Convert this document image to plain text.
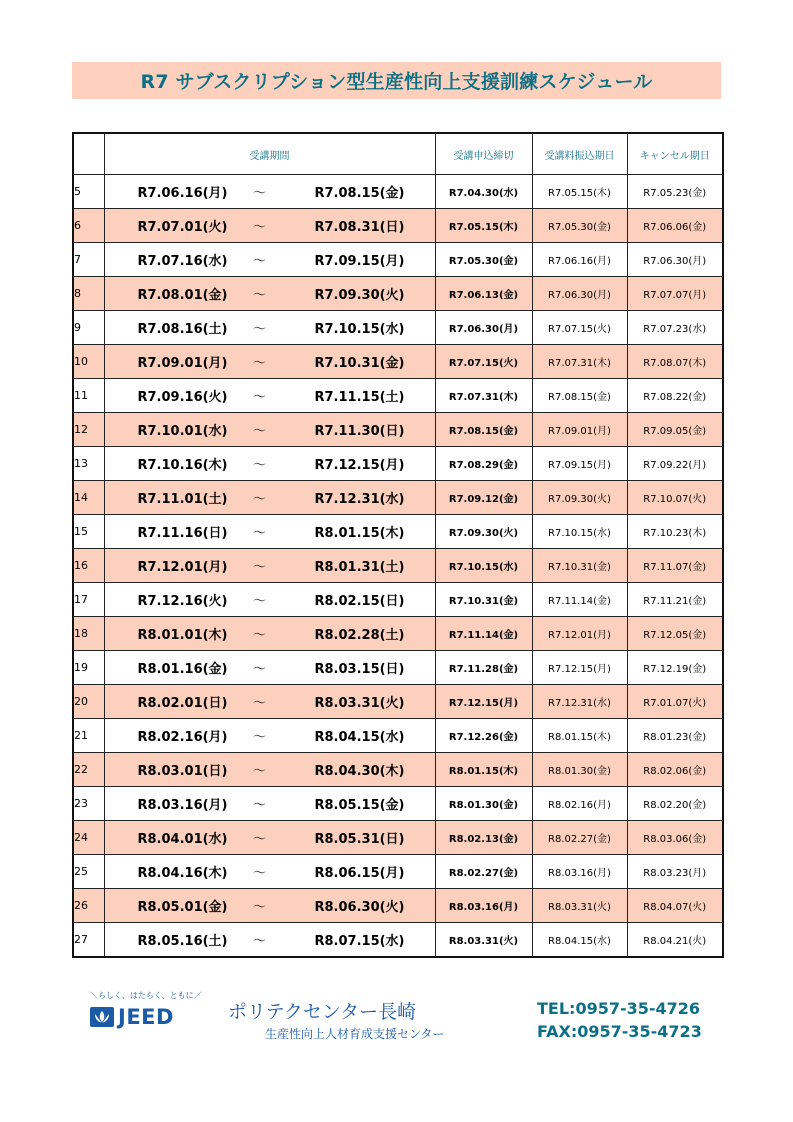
R7 サブスクリプション型生産性向上支援訓練スケジュール
	受講期間	受講申込締切	受講料振込期日	キャンセル期日
5	R7.06.16(月) ～ R7.08.15(金)	R7.04.30(水)	R7.05.15(木)	R7.05.23(金)
6	R7.07.01(火) ～ R7.08.31(日)	R7.05.15(木)	R7.05.30(金)	R7.06.06(金)
7	R7.07.16(水) ～ R7.09.15(月)	R7.05.30(金)	R7.06.16(月)	R7.06.30(月)
8	R7.08.01(金) ～ R7.09.30(火)	R7.06.13(金)	R7.06.30(月)	R7.07.07(月)
9	R7.08.16(土) ～ R7.10.15(水)	R7.06.30(月)	R7.07.15(火)	R7.07.23(水)
10	R7.09.01(月) ～ R7.10.31(金)	R7.07.15(火)	R7.07.31(木)	R7.08.07(木)
11	R7.09.16(火) ～ R7.11.15(土)	R7.07.31(木)	R7.08.15(金)	R7.08.22(金)
12	R7.10.01(水) ～ R7.11.30(日)	R7.08.15(金)	R7.09.01(月)	R7.09.05(金)
13	R7.10.16(木) ～ R7.12.15(月)	R7.08.29(金)	R7.09.15(月)	R7.09.22(月)
14	R7.11.01(土) ～ R7.12.31(水)	R7.09.12(金)	R7.09.30(火)	R7.10.07(火)
15	R7.11.16(日) ～ R8.01.15(木)	R7.09.30(火)	R7.10.15(水)	R7.10.23(木)
16	R7.12.01(月) ～ R8.01.31(土)	R7.10.15(水)	R7.10.31(金)	R7.11.07(金)
17	R7.12.16(火) ～ R8.02.15(日)	R7.10.31(金)	R7.11.14(金)	R7.11.21(金)
18	R8.01.01(木) ～ R8.02.28(土)	R7.11.14(金)	R7.12.01(月)	R7.12.05(金)
19	R8.01.16(金) ～ R8.03.15(日)	R7.11.28(金)	R7.12.15(月)	R7.12.19(金)
20	R8.02.01(日) ～ R8.03.31(火)	R7.12.15(月)	R7.12.31(水)	R7.01.07(火)
21	R8.02.16(月) ～ R8.04.15(水)	R7.12.26(金)	R8.01.15(木)	R8.01.23(金)
22	R8.03.01(日) ～ R8.04.30(木)	R8.01.15(木)	R8.01.30(金)	R8.02.06(金)
23	R8.03.16(月) ～ R8.05.15(金)	R8.01.30(金)	R8.02.16(月)	R8.02.20(金)
24	R8.04.01(水) ～ R8.05.31(日)	R8.02.13(金)	R8.02.27(金)	R8.03.06(金)
25	R8.04.16(木) ～ R8.06.15(月)	R8.02.27(金)	R8.03.16(月)	R8.03.23(月)
26	R8.05.01(金) ～ R8.06.30(火)	R8.03.16(月)	R8.03.31(火)	R8.04.07(火)
27	R8.05.16(土) ～ R8.07.15(水)	R8.03.31(火)	R8.04.15(水)	R8.04.21(火)
＼らしく、はたらく、ともに／
JEED	ポリテクセンター長崎
生産性向上人材育成支援センター
TEL:0957-35-4726
FAX:0957-35-4723
